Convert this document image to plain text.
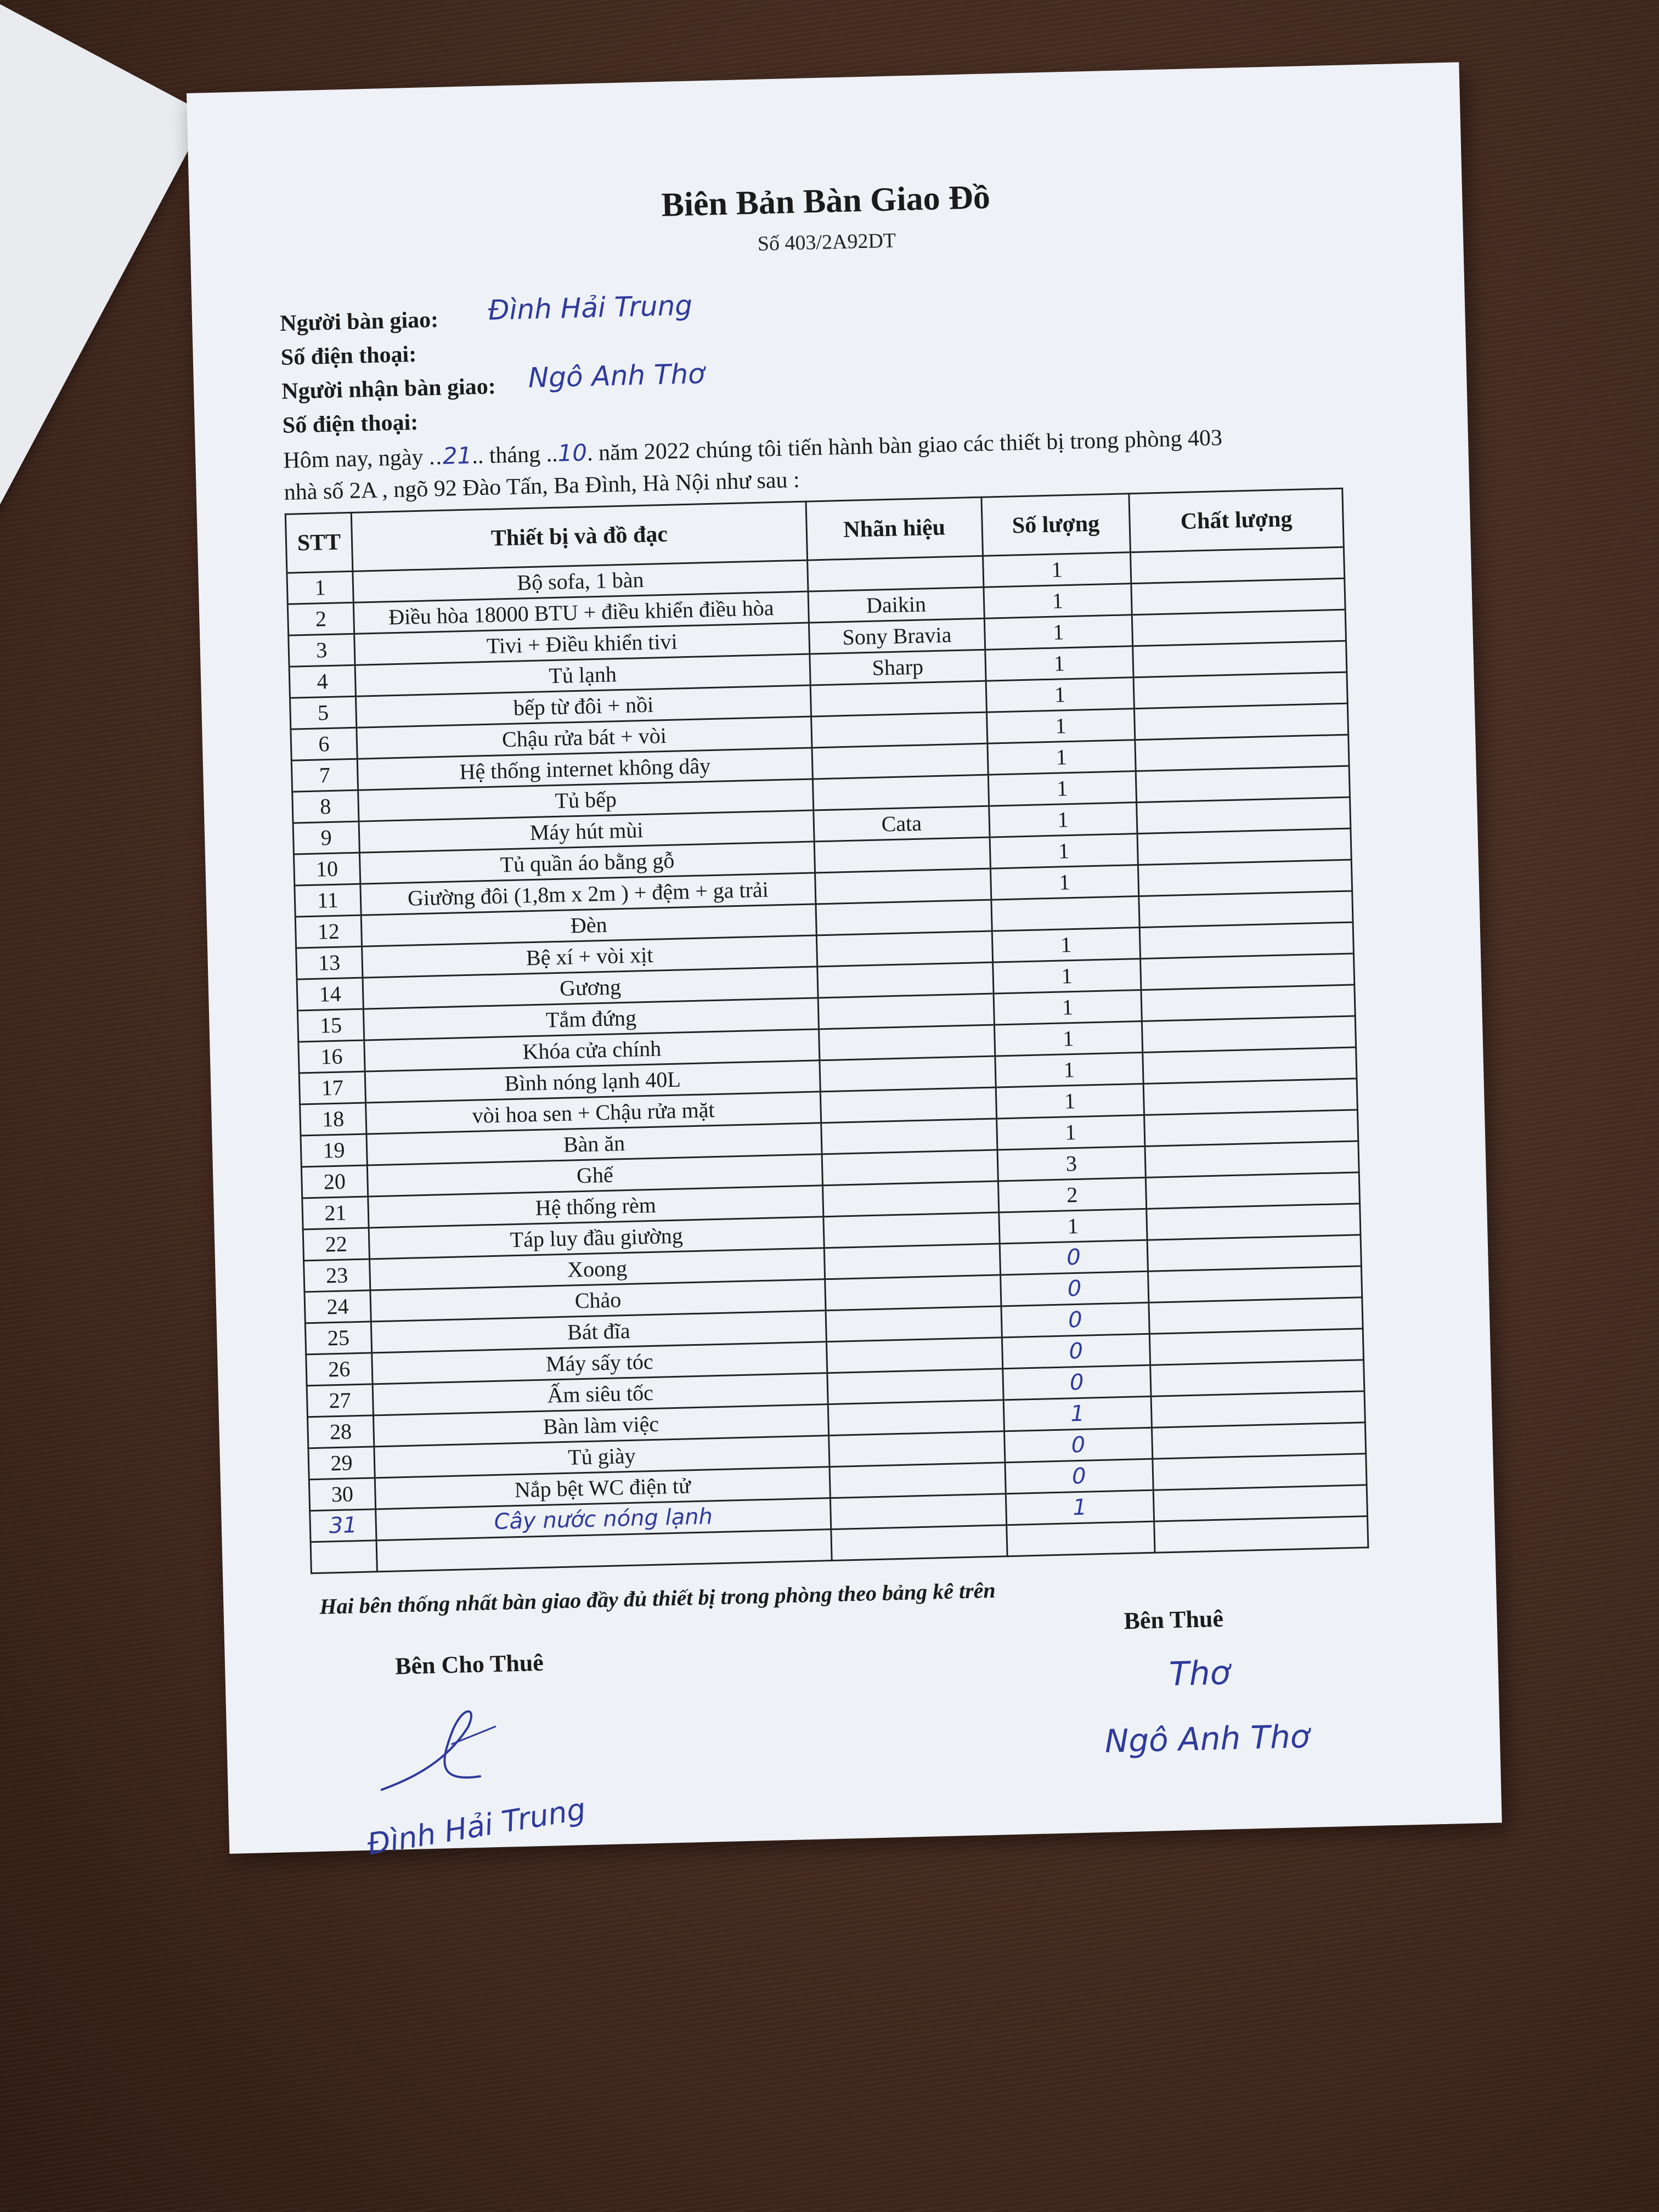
Biên Bản Bàn Giao Đồ
Số 403/2A92DT
Người bàn giao: Đình Hải Trung
Số điện thoại:
Người nhận bàn giao: Ngô Anh Thơ
Số điện thoại:
Hôm nay, ngày ..21.. tháng ..10. năm 2022 chúng tôi tiến hành bàn giao các thiết bị trong phòng 403
nhà số 2A , ngõ 92 Đào Tấn, Ba Đình, Hà Nội như sau :
STT	Thiết bị và đồ đạc	Nhãn hiệu	Số lượng	Chất lượng
1	Bộ sofa, 1 bàn		1	
2	Điều hòa 18000 BTU + điều khiển điều hòa	Daikin	1	
3	Tivi + Điều khiển tivi	Sony Bravia	1	
4	Tủ lạnh	Sharp	1	
5	bếp từ đôi + nồi		1	
6	Chậu rửa bát + vòi		1	
7	Hệ thống internet không dây		1	
8	Tủ bếp		1	
9	Máy hút mùi	Cata	1	
10	Tủ quần áo bằng gỗ		1	
11	Giường đôi (1,8m x 2m ) + đệm + ga trải		1	
12	Đèn			
13	Bệ xí + vòi xịt		1	
14	Gương		1	
15	Tắm đứng		1	
16	Khóa cửa chính		1	
17	Bình nóng lạnh 40L		1	
18	vòi hoa sen + Chậu rửa mặt		1	
19	Bàn ăn		1	
20	Ghế		3	
21	Hệ thống rèm		2	
22	Táp luy đầu giường		1	
23	Xoong		0	
24	Chảo		0	
25	Bát đĩa		0	
26	Máy sấy tóc		0	
27	Ấm siêu tốc		0	
28	Bàn làm việc		1	
29	Tủ giày		0	
30	Nắp bệt WC điện tử		0	
31	Cây nước nóng lạnh		1	

Hai bên thống nhất bàn giao đầy đủ thiết bị trong phòng theo bảng kê trên
Bên Thuê
Bên Cho Thuê
Đình Hải Trung
Thơ
Ngô Anh Thơ
